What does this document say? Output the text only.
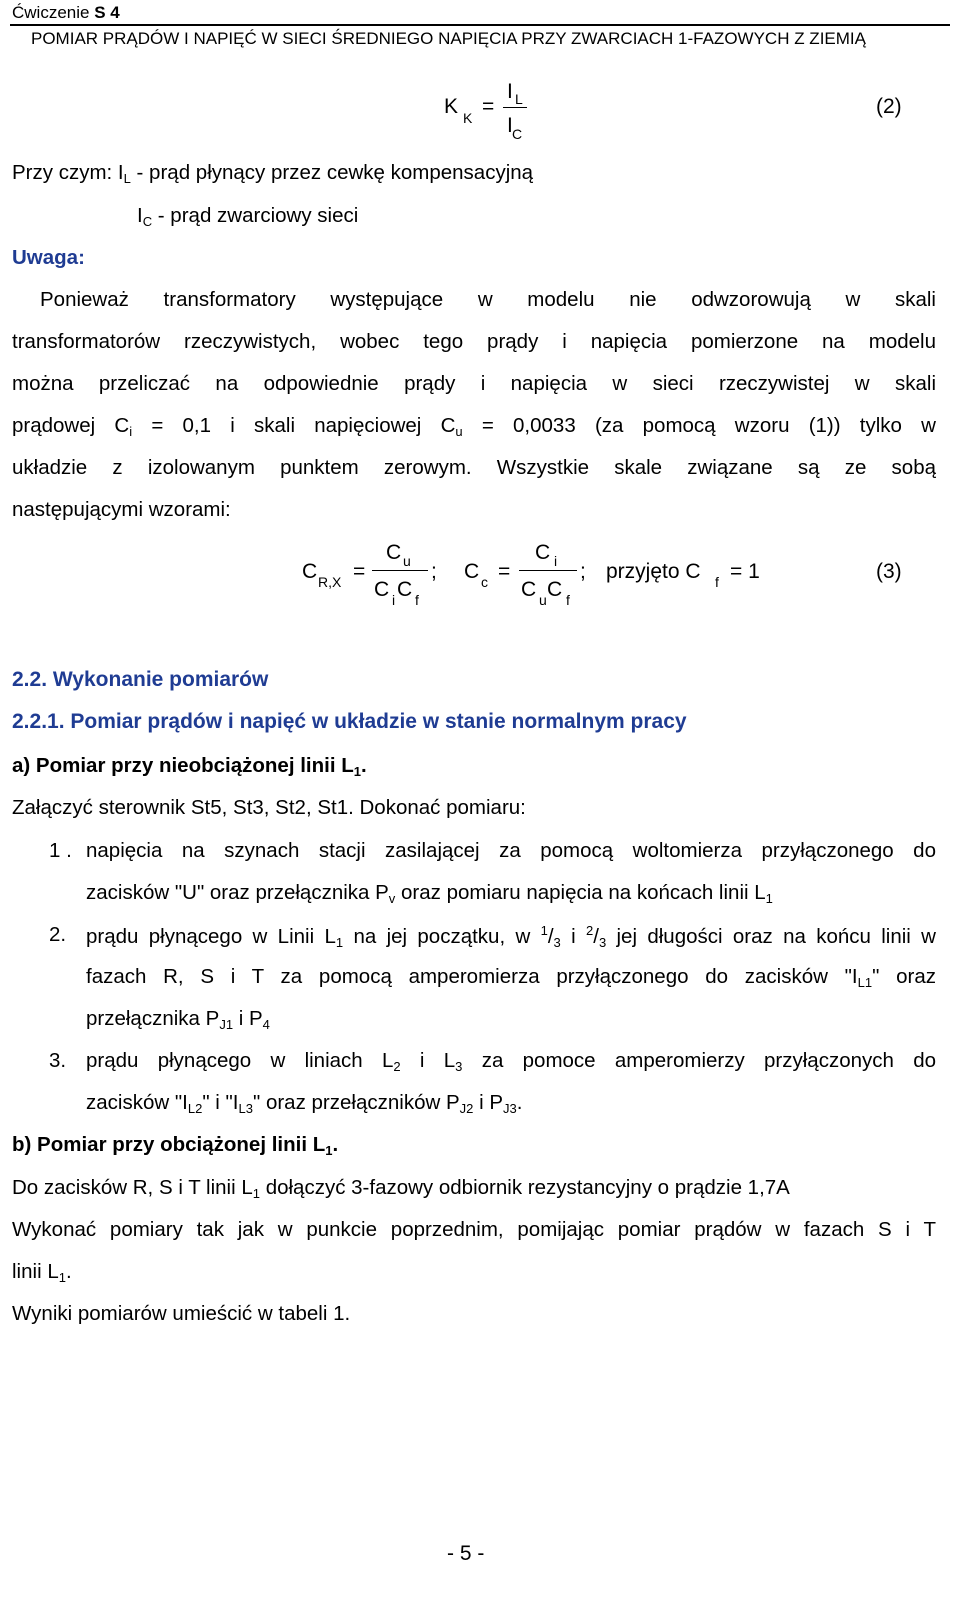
Ćwiczenie S 4
POMIAR PRĄDÓW I NAPIĘĆ W SIECI ŚREDNIEGO NAPIĘCIA PRZY ZWARCIACH 1-FAZOWYCH Z ZIEMIĄ
K K =
I L
I C
(2)
Przy czym: $I_L$ - prąd płynący przez cewkę kompensacyjną
$I_C$ - prąd zwarciowy sieci
Uwaga:
Ponieważ transformatory występujące w modelu nie odwzorowują w skali
transformatorów rzeczywistych, wobec tego prądy i napięcia pomierzone na modelu
można przeliczać na odpowiednie prądy i napięcia w sieci rzeczywistej w skali
prądowej $C_i = 0,1$ i skali napięciowej $C_u = 0,0033$ (za pomocą wzoru (1)) tylko w
układzie z izolowanym punktem zerowym. Wszystkie skale związane są ze sobą
następującymi wzorami:
C R,X =
C u
C i C f
; C c =
C i
C u C f
; przyjęto C f = 1	(3)
2.2. Wykonanie pomiarów
2.2.1. Pomiar prądów i napięć w układzie w stanie normalnym pracy
a) Pomiar przy nieobciążonej linii $L_1$.
Załączyć sterownik St5, St3, St2, St1. Dokonać pomiaru:
1 . napięcia na szynach stacji zasilającej za pomocą woltomierza przyłączonego do
zacisków "U" oraz przełącznika $P_v$ oraz pomiaru napięcia na końcach linii $L_1$
2. prądu płynącego w Linii $L_1$ na jej początku, w $^1/_3$ i $^2/_3$ jej długości oraz na końcu linii w
fazach R, S i T za pomocą amperomierza przyłączonego do zacisków "$I_{L1}$" oraz
przełącznika $P_{J1}$ i $P_4$
3. prądu płynącego w liniach $L_2$ i $L_3$ za pomoce amperomierzy przyłączonych do
zacisków "$I_{L2}$" i "$I_{L3}$" oraz przełączników $P_{J2}$ i $P_{J3}$.
b) Pomiar przy obciążonej linii $L_1$.
Do zacisków R, S i T linii $L_1$ dołączyć 3-fazowy odbiornik rezystancyjny o prądzie 1,7A
Wykonać pomiary tak jak w punkcie poprzednim, pomijając pomiar prądów w fazach S i T
linii $L_1$.
Wyniki pomiarów umieścić w tabeli 1.
- 5 -
